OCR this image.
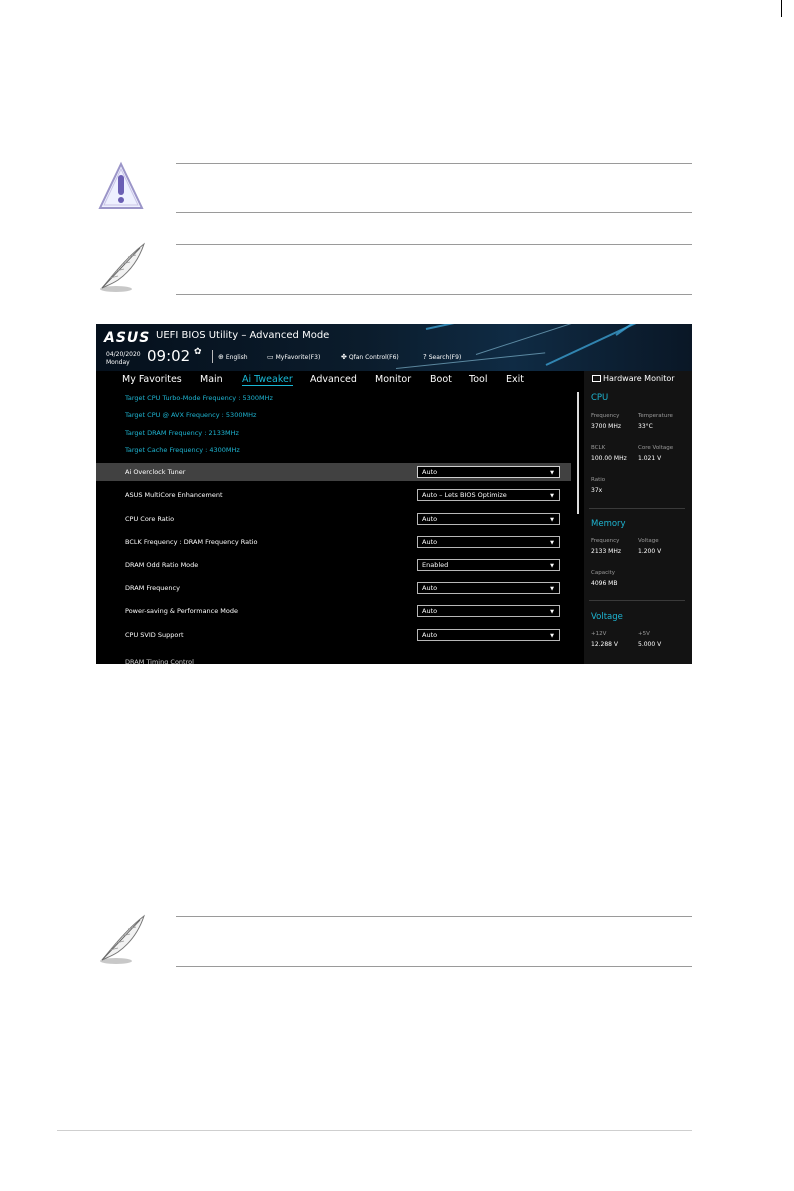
ASUS UEFI BIOS Utility – Advanced Mode
04/20/2020
Monday	09:02 ✿ ⊕ English	▭ MyFavorite(F3)	✤ Qfan Control(F6)	? Search(F9)
My Favorites Main Ai Tweaker Advanced Monitor Boot Tool Exit
Target CPU Turbo-Mode Frequency : 5300MHz
Target CPU @ AVX Frequency : 5300MHz
Target DRAM Frequency : 2133MHz
Target Cache Frequency : 4300MHz
Ai Overclock Tuner	Auto	▼
ASUS MultiCore Enhancement	Auto – Lets BIOS Optimize	▼
CPU Core Ratio	Auto	▼
BCLK Frequency : DRAM Frequency Ratio	Auto	▼
DRAM Odd Ratio Mode	Enabled	▼
DRAM Frequency	Auto	▼
Power-saving & Performance Mode	Auto	▼
CPU SVID Support	Auto	▼
DRAM Timing Control
Hardware Monitor
CPU
Frequency	Temperature
3700 MHz	33°C
BCLK	Core Voltage
100.00 MHz 1.021 V
Ratio
37x
Memory
Frequency	Voltage
2133 MHz	1.200 V
Capacity
4096 MB
Voltage
+12V	+5V
12.288 V	5.000 V
